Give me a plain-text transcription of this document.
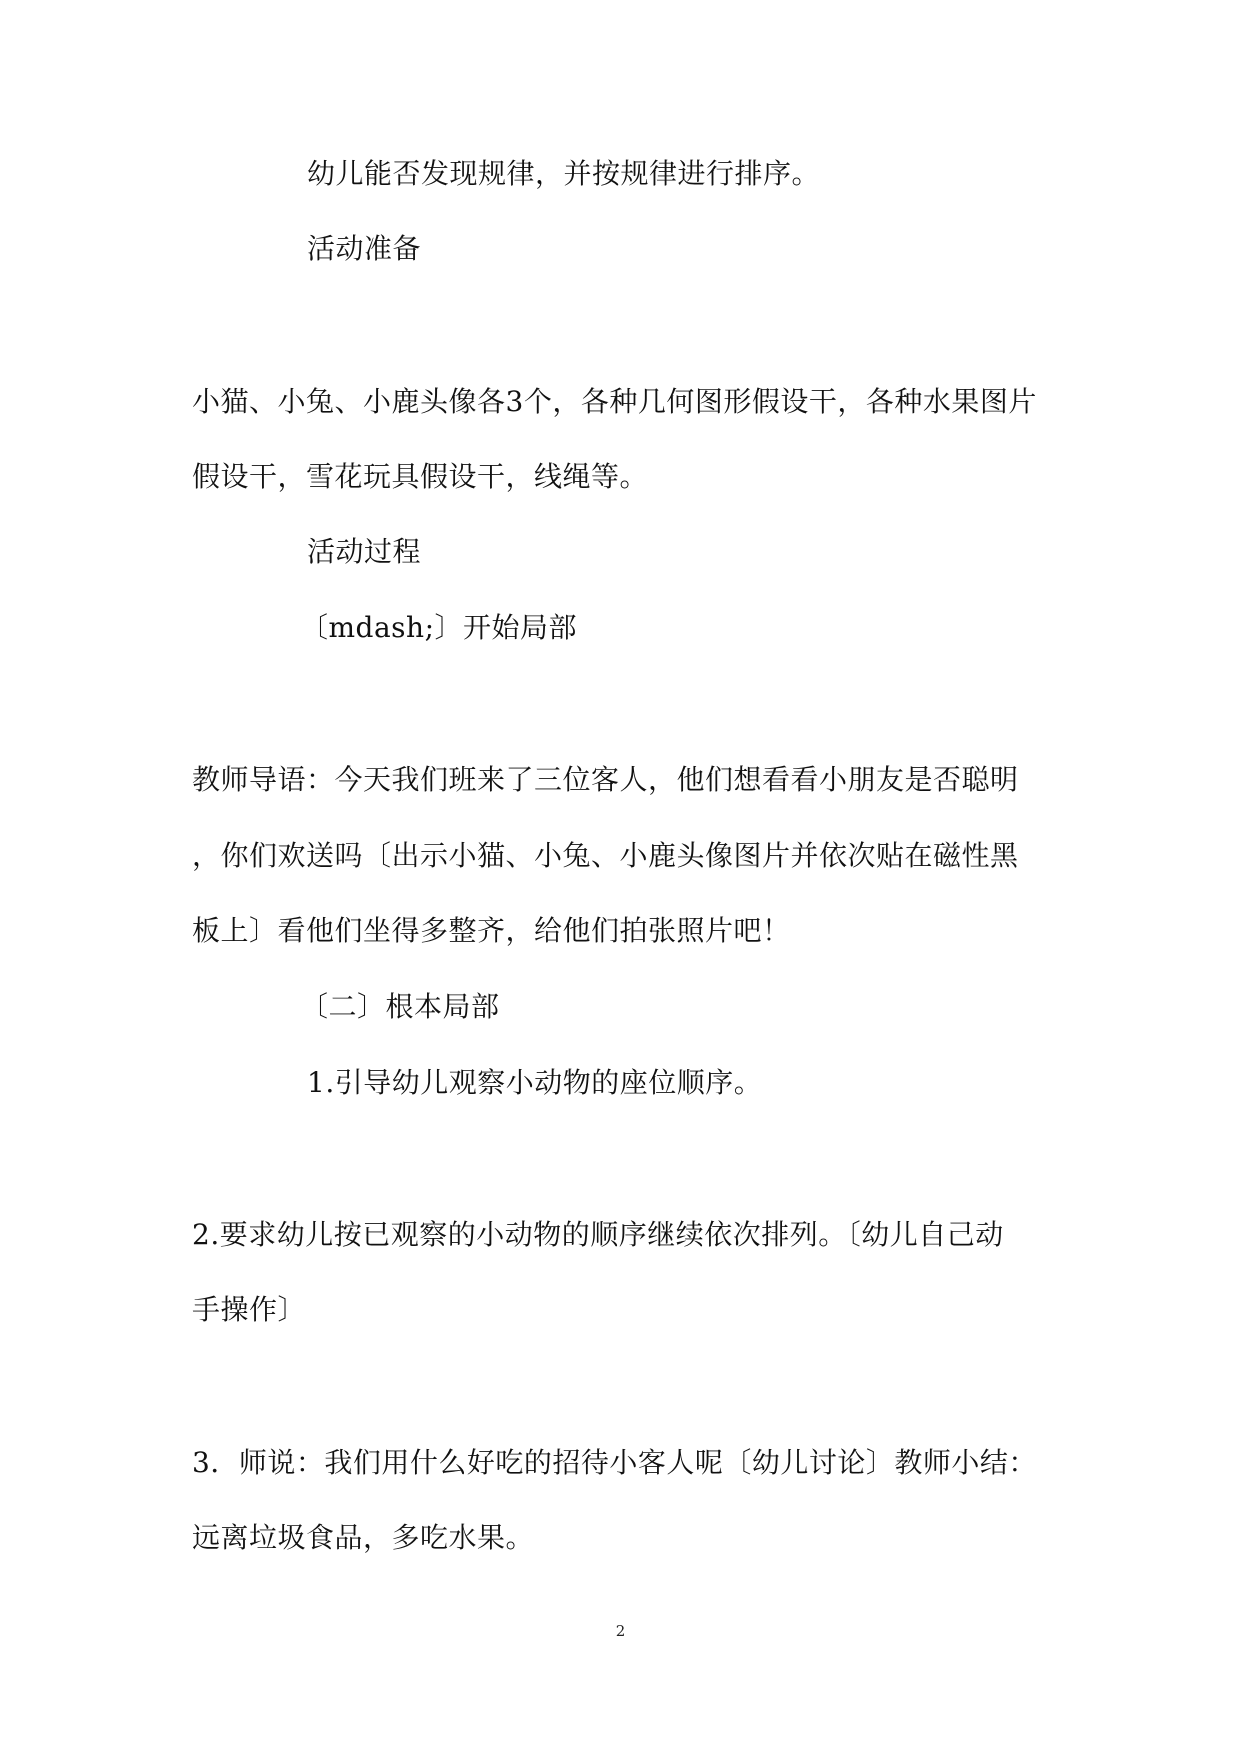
幼儿能否发现规律，并按规律进行排序。
活动准备
小猫、小兔、小鹿头像各3个，各种几何图形假设干，各种水果图片
假设干，雪花玩具假设干，线绳等。
活动过程
〔mdash;〕开始局部
教师导语：今天我们班来了三位客人，他们想看看小朋友是否聪明
，你们欢送吗〔出示小猫、小兔、小鹿头像图片并依次贴在磁性黑
板上〕看他们坐得多整齐，给他们拍张照片吧！
〔二〕根本局部
1.引导幼儿观察小动物的座位顺序。
2.要求幼儿按已观察的小动物的顺序继续依次排列。〔幼儿自己动
手操作〕
3．师说：我们用什么好吃的招待小客人呢〔幼儿讨论〕教师小结：
远离垃圾食品，多吃水果。
2
